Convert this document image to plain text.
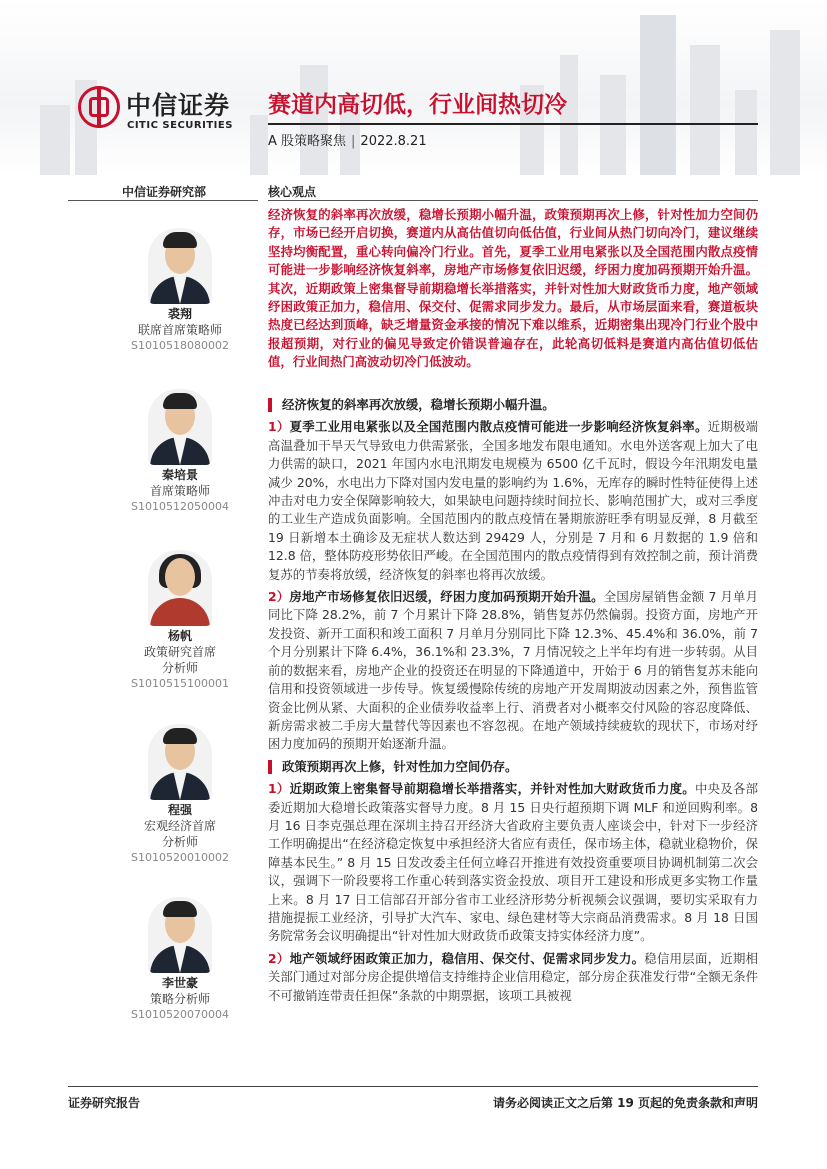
中信证券
CITIC SECURITIES
赛道内高切低，行业间热切冷
A 股策略聚焦 | 2022.8.21
中信证券研究部	核心观点
裘翔
联席首席策略师
S1010518080002
秦培景
首席策略师
S1010512050004
杨帆
政策研究首席
分析师
S1010515100001
程强
宏观经济首席
分析师
S1010520010002
李世豪
策略分析师
S1010520070004

经济恢复的斜率再次放缓，稳增长预期小幅升温，政策预期再次上修，针对性加力空间仍存，市场已经开启切换，赛道内从高估值切向低估值，行业间从热门切向冷门，建议继续坚持均衡配置，重心转向偏冷门行业。首先，夏季工业用电紧张以及全国范围内散点疫情可能进一步影响经济恢复斜率，房地产市场修复依旧迟缓，纾困力度加码预期开始升温。其次，近期政策上密集督导前期稳增长举措落实，并针对性加大财政货币力度，地产领域纾困政策正加力，稳信用、保交付、促需求同步发力。最后，从市场层面来看，赛道板块热度已经达到顶峰，缺乏增量资金承接的情况下难以维系，近期密集出现冷门行业个股中报超预期，对行业的偏见导致定价错误普遍存在，此轮高切低料是赛道内高估值切低估值，行业间热门高波动切冷门低波动。

经济恢复的斜率再次放缓，稳增长预期小幅升温。

1）夏季工业用电紧张以及全国范围内散点疫情可能进一步影响经济恢复斜率。近期极端高温叠加干旱天气导致电力供需紧张，全国多地发布限电通知。水电外送客观上加大了电力供需的缺口，2021 年国内水电汛期发电规模为 6500 亿千瓦时，假设今年汛期发电量减少 20%，水电出力下降对国内发电量的影响约为 1.6%，无库存的瞬时性特征使得上述冲击对电力安全保障影响较大，如果缺电问题持续时间拉长、影响范围扩大，或对三季度的工业生产造成负面影响。全国范围内的散点疫情在暑期旅游旺季有明显反弹，8 月截至 19 日新增本土确诊及无症状人数达到 29429 人，分别是 7 月和 6 月数据的 1.9 倍和 12.8 倍，整体防疫形势依旧严峻。在全国范围内的散点疫情得到有效控制之前，预计消费复苏的节奏将放缓，经济恢复的斜率也将再次放缓。

2）房地产市场修复依旧迟缓，纾困力度加码预期开始升温。全国房屋销售金额 7 月单月同比下降 28.2%，前 7 个月累计下降 28.8%，销售复苏仍然偏弱。投资方面，房地产开发投资、新开工面积和竣工面积 7 月单月分别同比下降 12.3%、45.4%和 36.0%，前 7 个月分别累计下降 6.4%，36.1%和 23.3%，7 月情况较之上半年均有进一步转弱。从目前的数据来看，房地产企业的投资还在明显的下降通道中，开始于 6 月的销售复苏未能向信用和投资领域进一步传导。恢复缓慢除传统的房地产开发周期波动因素之外，预售监管资金比例从紧、大面积的企业债券收益率上行、消费者对小概率交付风险的容忍度降低、新房需求被二手房大量替代等因素也不容忽视。在地产领域持续疲软的现状下，市场对纾困力度加码的预期开始逐渐升温。

政策预期再次上修，针对性加力空间仍存。

1）近期政策上密集督导前期稳增长举措落实，并针对性加大财政货币力度。中央及各部委近期加大稳增长政策落实督导力度。8 月 15 日央行超预期下调 MLF 和逆回购利率。8 月 16 日李克强总理在深圳主持召开经济大省政府主要负责人座谈会中，针对下一步经济工作明确提出“在经济稳定恢复中承担经济大省应有责任，保市场主体，稳就业稳物价，保障基本民生。” 8 月 15 日发改委主任何立峰召开推进有效投资重要项目协调机制第二次会议，强调下一阶段要将工作重心转到落实资金投放、项目开工建设和形成更多实物工作量上来。8 月 17 日工信部召开部分省市工业经济形势分析视频会议强调，要切实采取有力措施提振工业经济，引导扩大汽车、家电、绿色建材等大宗商品消费需求。8 月 18 日国务院常务会议明确提出“针对性加大财政货币政策支持实体经济力度”。

2）地产领域纾困政策正加力，稳信用、保交付、促需求同步发力。稳信用层面，近期相关部门通过对部分房企提供增信支持维持企业信用稳定，部分房企获准发行带“全额无条件不可撤销连带责任担保”条款的中期票据，该项工具被视

证券研究报告	请务必阅读正文之后第 19 页起的免责条款和声明
